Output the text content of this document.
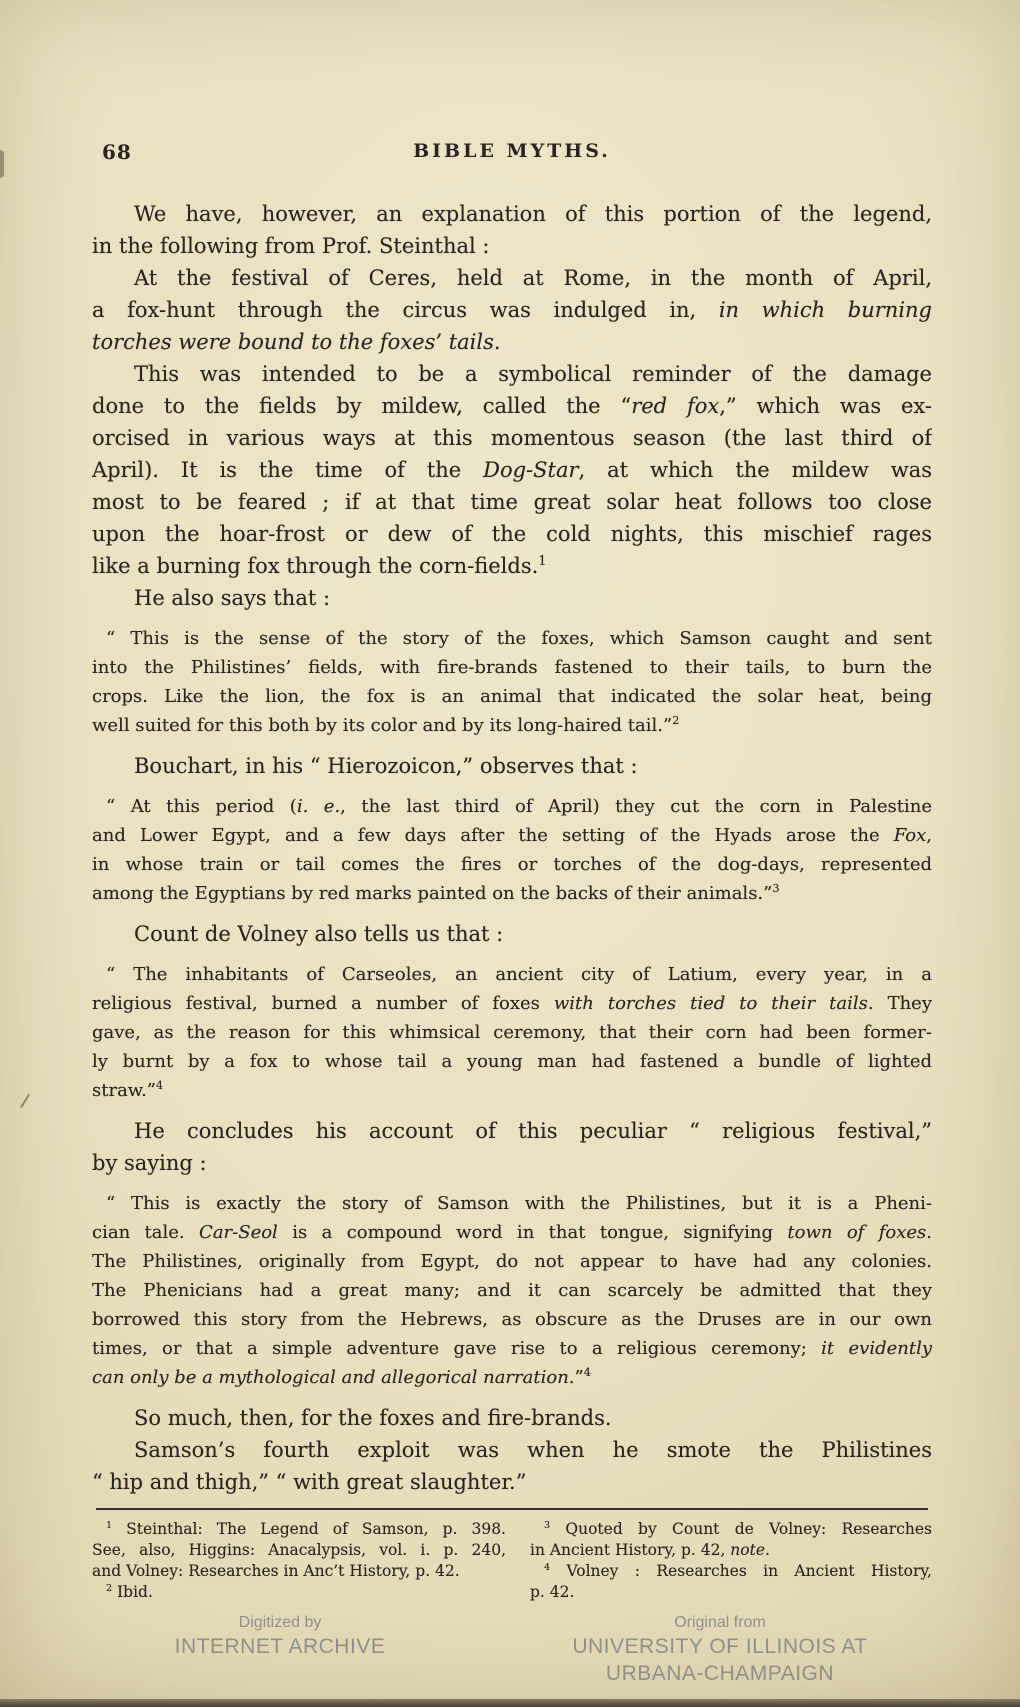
68	BIBLE MYTHS.
We have, however, an explanation of this portion of the legend,
in the following from Prof. Steinthal :
At the festival of Ceres, held at Rome, in the month of April,
a fox-hunt through the circus was indulged in, in which burning
torches were bound to the foxes’ tails.
This was intended to be a symbolical reminder of the damage
done to the fields by mildew, called the “red fox,” which was ex-
orcised in various ways at this momentous season (the last third of
April). It is the time of the Dog-Star, at which the mildew was
most to be feared ; if at that time great solar heat follows too close
upon the hoar-frost or dew of the cold nights, this mischief rages
like a burning fox through the corn-fields.$^1$
He also says that :
“ This is the sense of the story of the foxes, which Samson caught and sent
into the Philistines’ fields, with fire-brands fastened to their tails, to burn the
crops. Like the lion, the fox is an animal that indicated the solar heat, being
well suited for this both by its color and by its long-haired tail.”$^2$
Bouchart, in his “ Hierozoicon,” observes that :
“ At this period (i. e., the last third of April) they cut the corn in Palestine
and Lower Egypt, and a few days after the setting of the Hyads arose the Fox,
in whose train or tail comes the fires or torches of the dog-days, represented
among the Egyptians by red marks painted on the backs of their animals.”$^3$
Count de Volney also tells us that :
“ The inhabitants of Carseoles, an ancient city of Latium, every year, in a
religious festival, burned a number of foxes with torches tied to their tails. They
gave, as the reason for this whimsical ceremony, that their corn had been former-
ly burnt by a fox to whose tail a young man had fastened a bundle of lighted
straw.”$^4$
He concludes his account of this peculiar “ religious festival,”
by saying :
“ This is exactly the story of Samson with the Philistines, but it is a Pheni-
cian tale. Car-Seol is a compound word in that tongue, signifying town of foxes.
The Philistines, originally from Egypt, do not appear to have had any colonies.
The Phenicians had a great many; and it can scarcely be admitted that they
borrowed this story from the Hebrews, as obscure as the Druses are in our own
times, or that a simple adventure gave rise to a religious ceremony; it evidently
can only be a mythological and allegorical narration.”$^4$
So much, then, for the foxes and fire-brands.
Samson’s fourth exploit was when he smote the Philistines
“ hip and thigh,” “ with great slaughter.”
$^1$ Steinthal: The Legend of Samson, p. 398.
See, also, Higgins: Anacalypsis, vol. i. p. 240,
and Volney: Researches in Anc’t History, p. 42.
$^2$ Ibid.
$^3$ Quoted by Count de Volney: Researches
in Ancient History, p. 42, note.
$^4$ Volney : Researches in Ancient History,
p. 42.
Digitized by
INTERNET ARCHIVE
Original from
UNIVERSITY OF ILLINOIS AT
URBANA-CHAMPAIGN
